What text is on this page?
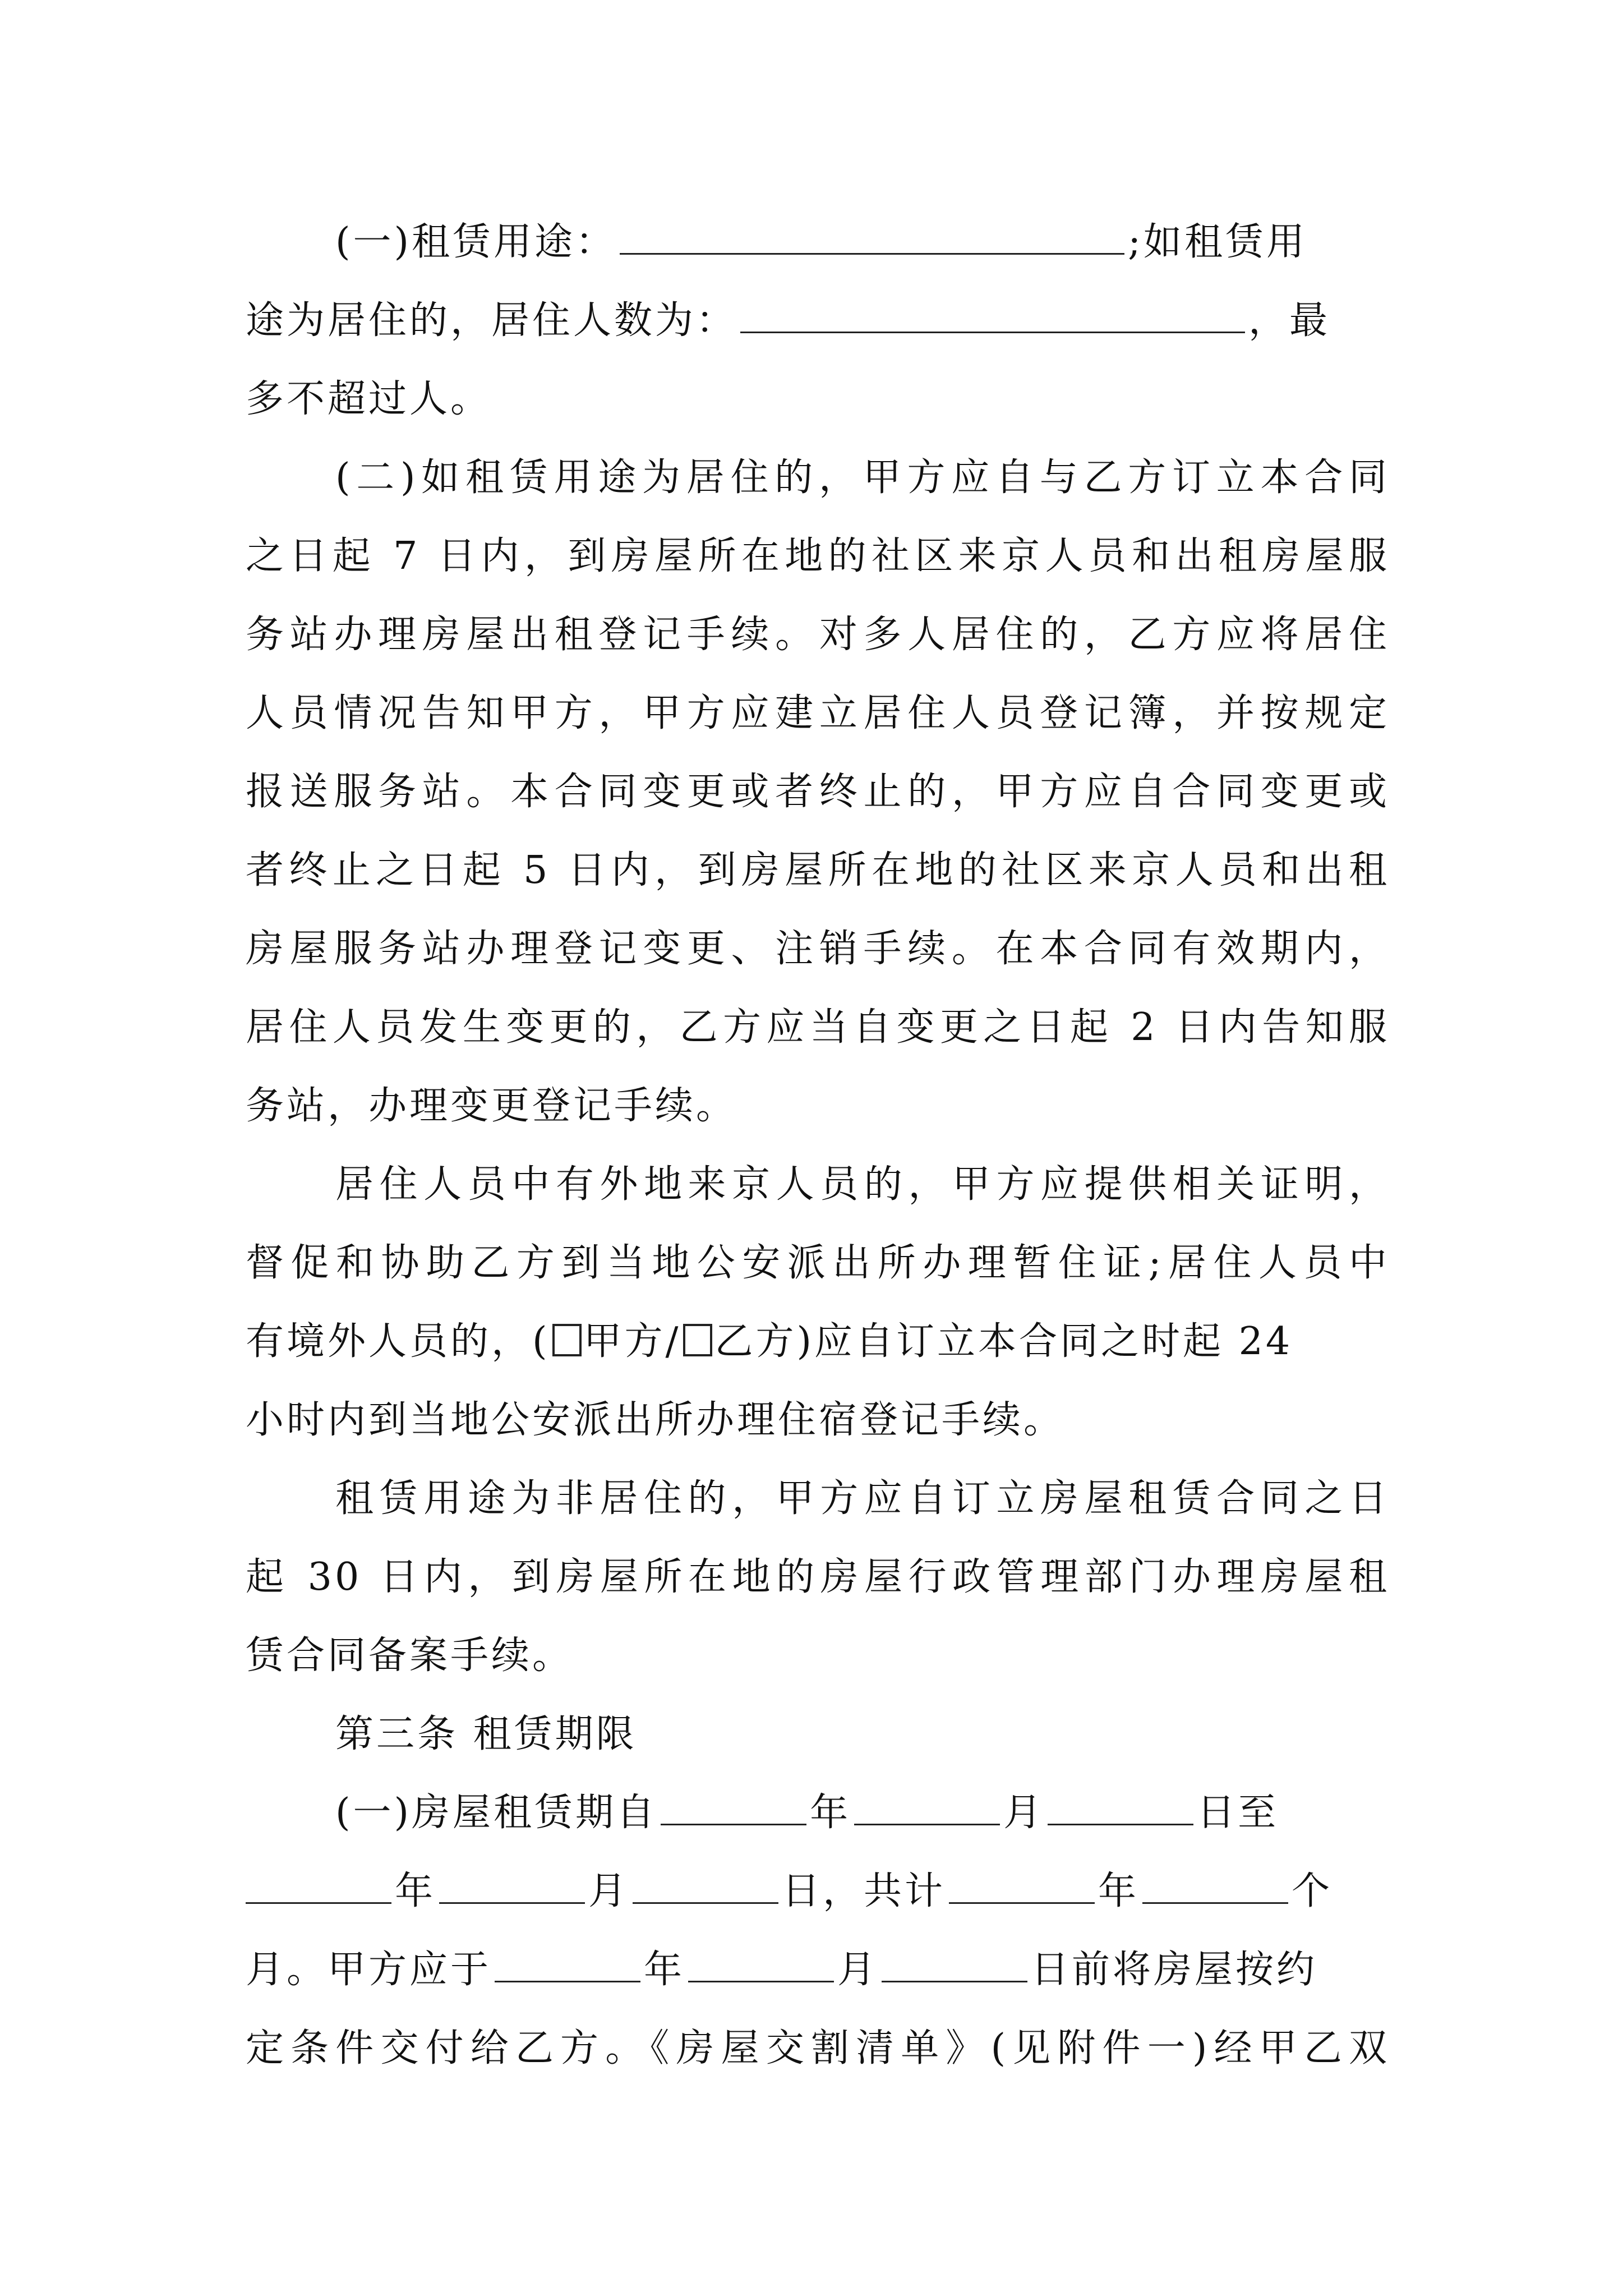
(一)租赁用途：	;如租赁用
途为居住的，居住人数为：	，最
多不超过人。
(二)如租赁用途为居住的，甲方应自与乙方订立本合同
之日起 7 日内，到房屋所在地的社区来京人员和出租房屋服
务站办理房屋出租登记手续。对多人居住的，乙方应将居住
人员情况告知甲方，甲方应建立居住人员登记簿，并按规定
报送服务站。本合同变更或者终止的，甲方应自合同变更或
者终止之日起 5 日内，到房屋所在地的社区来京人员和出租
房屋服务站办理登记变更、注销手续。在本合同有效期内，
居住人员发生变更的，乙方应当自变更之日起 2 日内告知服
务站，办理变更登记手续。
居住人员中有外地来京人员的，甲方应提供相关证明，
督促和协助乙方到当地公安派出所办理暂住证;居住人员中
有境外人员的，( 甲方/ 乙方)应自订立本合同之时起 24
小时内到当地公安派出所办理住宿登记手续。
租赁用途为非居住的，甲方应自订立房屋租赁合同之日
起 30 日内，到房屋所在地的房屋行政管理部门办理房屋租
赁合同备案手续。
第三条 租赁期限
(一)房屋租赁期自	年	月	日至
年	月	日，共计	年	个
月。甲方应于	年	月	日前将房屋按约
定条件交付给乙方。《房屋交割清单》(见附件一)经甲乙双
